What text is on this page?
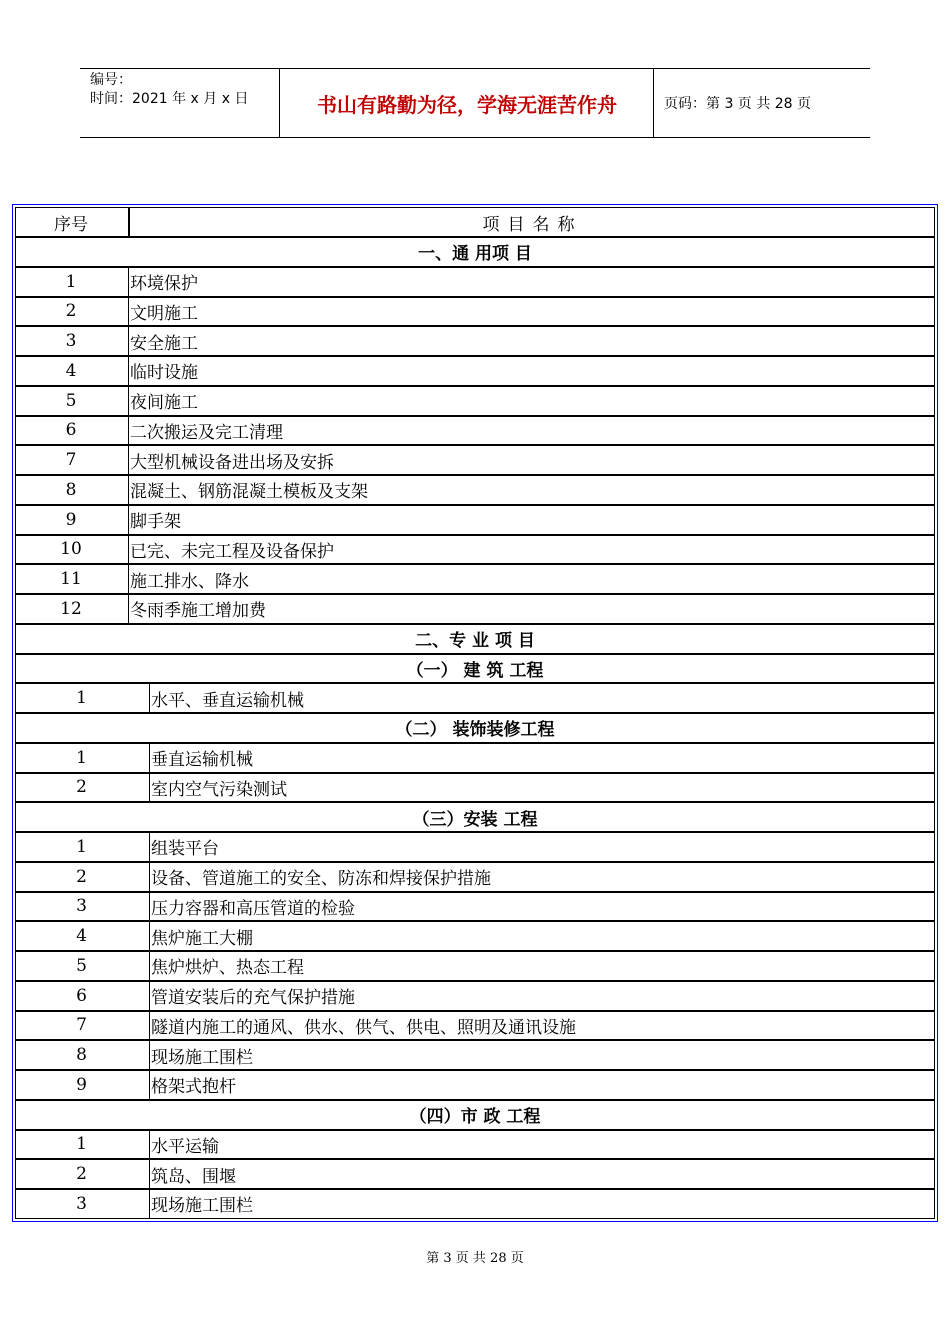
编号：
时间：2021 年 x 月 x 日	书山有路勤为径，学海无涯苦作舟	页码：第 3 页 共 28 页
序号	项目名称
一、通 用项 目
1	环境保护
2	文明施工
3	安全施工
4	临时设施
5	夜间施工
6	二次搬运及完工清理
7	大型机械设备进出场及安拆
8	混凝土、钢筋混凝土模板及支架
9	脚手架
10	已完、未完工程及设备保护
11	施工排水、降水
12	冬雨季施工增加费
二、专 业 项 目
（一） 建 筑 工程
1	水平、垂直运输机械
（二） 装饰装修工程
1	垂直运输机械
2	室内空气污染测试
（三）安装 工程
1	组装平台
2	设备、管道施工的安全、防冻和焊接保护措施
3	压力容器和高压管道的检验
4	焦炉施工大棚
5	焦炉烘炉、热态工程
6	管道安装后的充气保护措施
7	隧道内施工的通风、供水、供气、供电、照明及通讯设施
8	现场施工围栏
9	格架式抱杆
（四）市 政 工程
1	水平运输
2	筑岛、围堰
3	现场施工围栏
第 3 页 共 28 页
